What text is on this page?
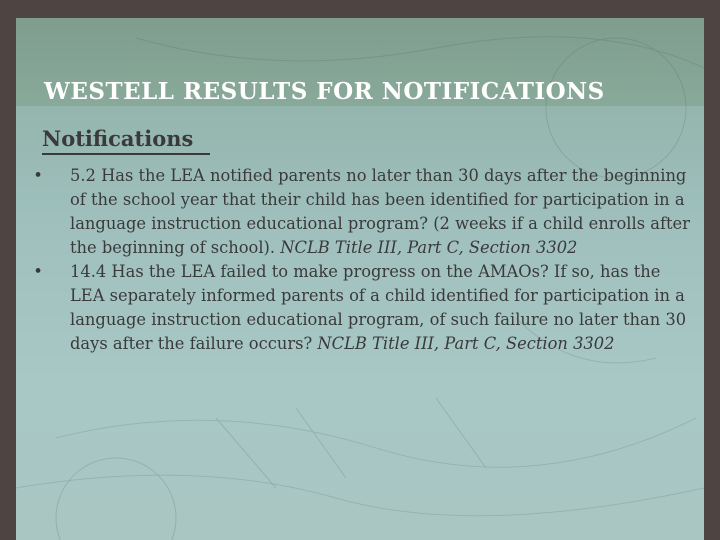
WESTELL RESULTS FOR NOTIFICATIONS
Notifications
•	5.2 Has the LEA notified parents no later than 30 days after the beginning of the school year that their child has been identified for participation in a language instruction educational program? (2 weeks if a child enrolls after the beginning of school). NCLB Title III, Part C, Section 3302
•	14.4 Has the LEA failed to make progress on the AMAOs? If so, has the LEA separately informed parents of a child identified for participation in a language instruction educational program, of such failure no later than 30 days after the failure occurs? NCLB Title III, Part C, Section 3302
